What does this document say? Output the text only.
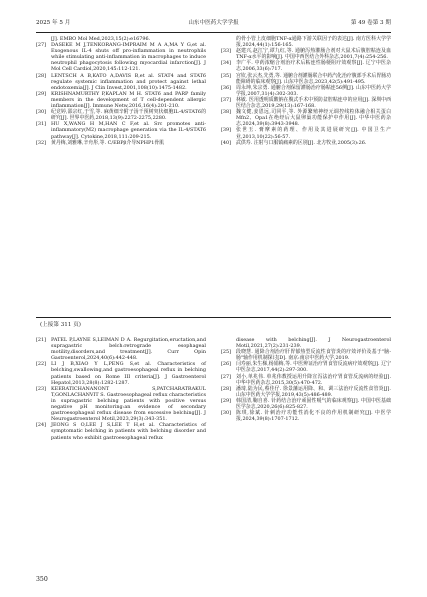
2025 年 5 月	山东中医药大学学报	第 49 卷第 3 期
[J]. EMBO Mol Med,2023,15(2):e16796.
[27]	DASEKE M J,TENKORANG-IMPRAIM M A A,MA Y G,et al. Exogenous IL-4 shuts off pro-inflammation in neutrophils while stimulating anti-inflammation in macrophages to induce neutrophil phagocytosis following myocardial infarction[J]. J Mol Cell Cardiol,2020,145:112-121.
[28]	LENTSCH A B,KATO A,DAVIS B,et al. STAT4 and STAT6 regulate systemic inflammation and protect against lethal endotoxemia[J]. J Clin Invest,2001,108(10):1475-1482.
[29]	KRISHNAMURTHY P,KAPLAN M H. STAT6 and PARP family members in the development of T cell-dependent allergic inflammation[J]. Immune Netw,2016,16(4):201-210.
[30]	纪竞婷,邵宗红,于雪,等. 麻黄细辛附子汤干预树突状细胞IL-4/STAT6的研究[J]. 世界中医药,2018,13(9):2272-2275,2280.
[31]	HU X,WANG H M,HAN C F,et al. Src promotes anti-inflammatory(M2) macrophage generation via the IL-4/STAT6 pathway[J]. Cytokine,2018,111:209-215.
[32]	黄丹梅,刘雅琳,辛舟彤,等. C/EBPβ介导NPHP1骨肌
的骨小管上皮细胞TNF-α通路下游关联因子的表达[J]. 南方医科大学学报,2024,44(1):156-165.
[33]	赵建兴,赵江宁,谭九红,等. 通腑泻热灌肠合剂对大鼠术后腹腔粘连及血TNF-α水平的影响[J]. 中国中西医结合外科杂志,2001,7(4):254-256.
[34]	李广平. 中药浓缩合剂治疗术后粘连性肠梗阻疗效观察[J]. 辽宁中医杂志,2006,33(6):717.
[35]	宫钦,张云杰,先勇,等. 通腑合剂灌肠联合中药汽化治疗腹部手术后胃肠功能障碍的临床观察[J]. 山东中医杂志,2023,42(5):491-495.
[36]	周永坤,朱宗勇. 通腑合剂保留灌肠治疗肠粘连56例[J]. 山东中医药大学学报,2007,31(4):302-303.
[37]	林敏. 医用透明质酸钠在腹式手术中预防盆腔粘连中的应用[J]. 深圳中西医结合杂志,2019,29(13):167-168.
[38]	魏文健,姜恩远,司同平,等. 外源繁殖神经元调控线粒体融合相关蛋白Mfn2、Opa1在绝经后大鼠卵巢功能保护中作用[J]. 中华中医药杂志,2024,39(8):3943-3948.
[39]	张世玉. 膏摩素的药理、作用及其进展研究[J]. 中国卫生产业,2013,10(22):56-57.
[40]	武供寿. 注射与口服镇痛素的区别[J]. 北方牧业,2005(3):26.
(上接第 311 页)
[21]	PATEL P,LAYNE S,LEIMAN D A. Regurgitation,eructation,and supragastric belch:retrograde esophageal motility,disorders,and treatment[J]. Curr Opin Gastroenterol,2024,40(6):442-448.
[22]	LI J B,XIAO Y L,PENG S,et al. Characteristics of belching,swallowing,and gastroesophageal reflux in belching patients based on Rome III criteria[J]. J Gastroenterol Hepatol,2013,28(8):1282-1287.
[23]	KEERATICHANANONT S,PATCHARATRAKUL T,GONLACHANVIT S. Gastroesophageal reflux characteristics in supragastric belching patients with positive versus negative pH monitoring:an evidence of secondary gastroesophageal reflux disease from excessive belching[J]. J Neurogastroenterol Motil,2023,29(3):343-351.
[24]	JEONG S O,LEE J S,LEE T H,et al. Characteristics of symptomatic belching in patients with belching disorder and patients who exhibit gastroesophageal reflux
disease with belching[J]. J Neurogastroenterol Motil,2021,27(2):231-239.
[25]	段晓慧. 通降合剂治疗肝胃郁热型反流性食管炎的疗效评价及基于"脑-肠"轴作用机制探讨[D]. 南京:南京中医药大学,2019.
[26]	闫寿丽,朱生梯,杨娟梅,等. 中医辨证治疗胃食管反流病疗效观察[J]. 辽宁中医杂志,2017,44(2):297-300.
[27]	刘小,单兆伟. 单兆伟教授运用升降宣泻法治疗胃食管反流病的经验[J]. 中华中医药杂志,2015,30(5):470-472.
[28]	潘琦,陆为民,蔡佳仔. 徐景藩运用降、和、调三法治疗反流性食管炎[J]. 山东中医药大学学报,2019,43(5):486-489.
[29]	韩国清,鞠自喜. 针药结合治疗顽固性嗳气的临床观察[J]. 中国中医基础医学杂志,2020,26(6):825-827.
[30]	陈琪,徐斌. 针刺治疗功能性消化不良的作用机制研究[J]. 中医学报,2024,39(8):1707-1712.
350
